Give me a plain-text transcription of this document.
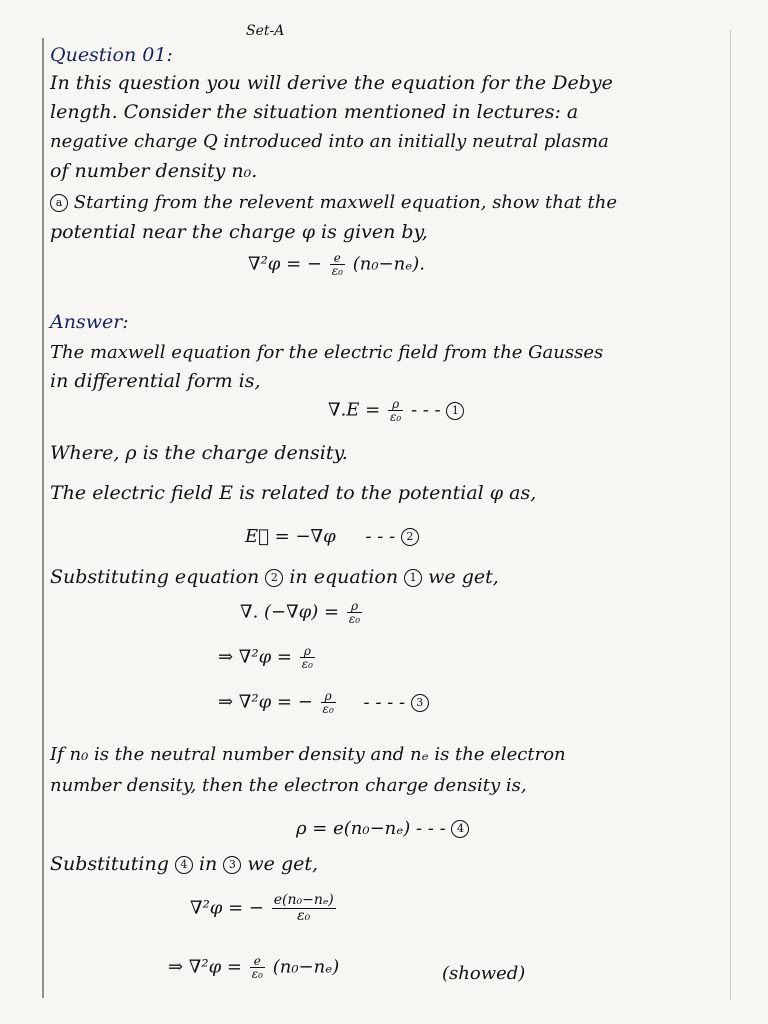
Set-A
Question 01:
In this question you will derive the equation for the Debye
length. Consider the situation mentioned in lectures: a
negative charge Q introduced into an initially neutral plasma
of number density n₀.
a Starting from the relevent maxwell equation, show that the
potential near the charge φ is given by,
∇²φ = − $\frac{e}{\text{ε₀}} (n_0-n_e)$.
Answer:
The maxwell equation for the electric field from the Gausses
in differential form is,
$\nabla.E = \frac{\rho}{\text{ε₀}}$ - - - 1
Where, ρ is the charge density.
The electric field E is related to the potential φ as,
E⃗ = −∇φ - - - 2
Substituting equation 2 in equation 1 we get,
∇. $(-\nabla\varphi) = \frac{\rho}{\text{ε₀}}$
⇒ $\nabla^2\varphi = \frac{\rho}{\text{ε₀}}$
⇒ ∇²φ = − $\frac{\rho}{\text{ε₀}}$ - - - - 3
If n₀ is the neutral number density and nₑ is the electron
number density, then the electron charge density is,
ρ = e(n₀−nₑ) - - - 4
Substituting 4 in 3 we get,
∇²φ = − $\frac{\text{e(n₀−nₑ)}}{\text{ε₀}}$
⇒ $\nabla^2\varphi = \frac{e}{\text{ε₀}} (n_0-n_e)$	(showed)
